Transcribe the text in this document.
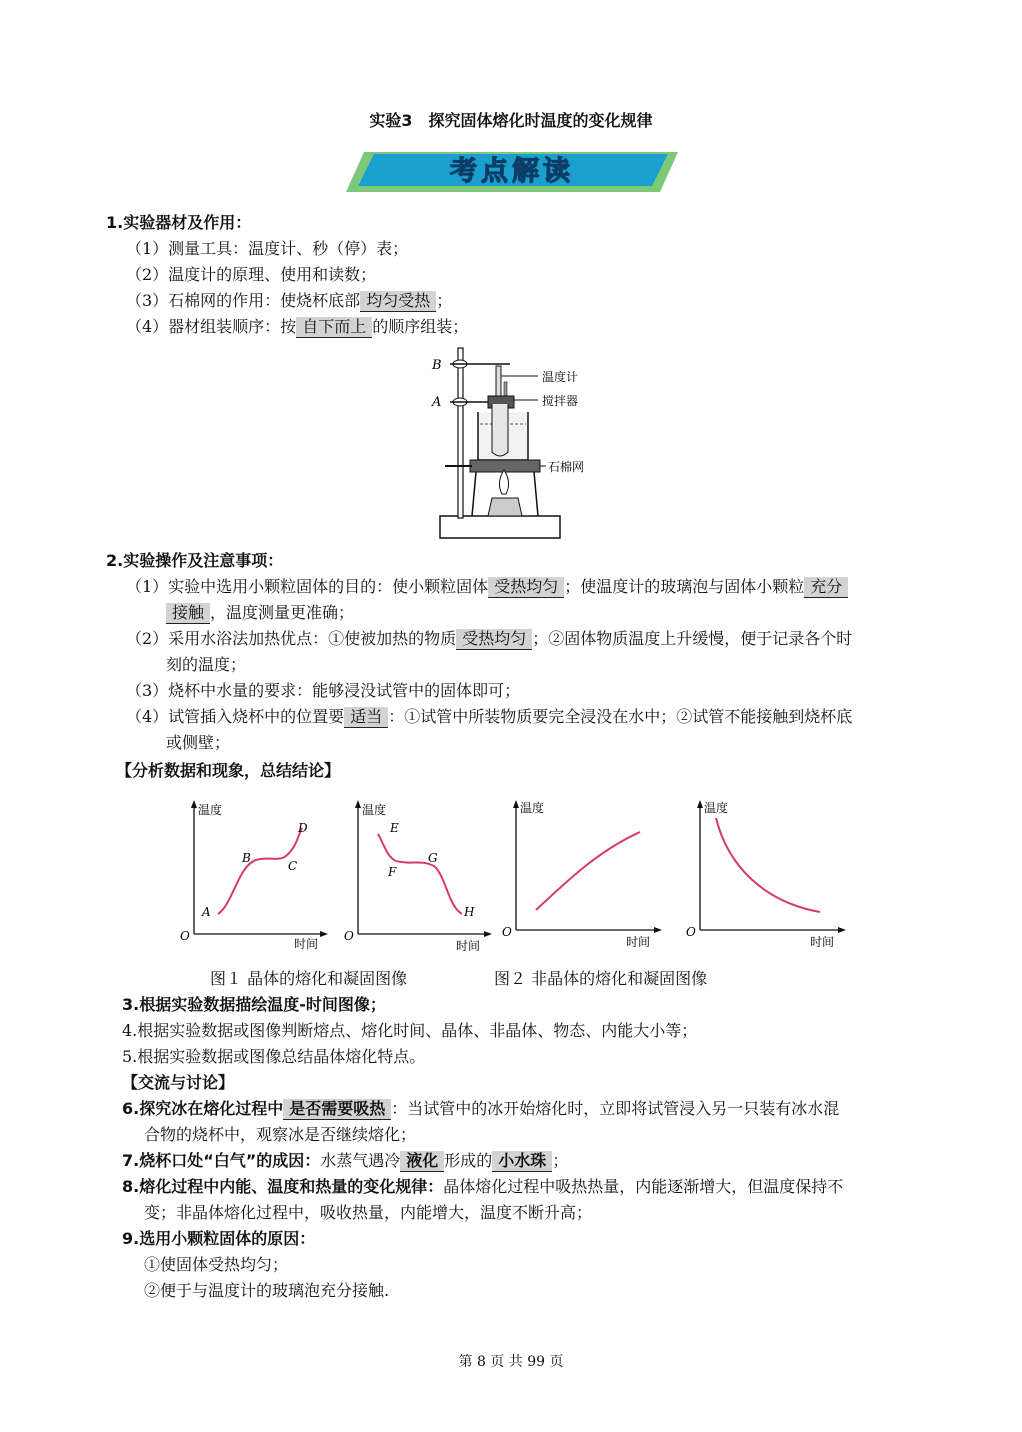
实验3　探究固体熔化时温度的变化规律
考点解读
1.实验器材及作用：
（1）测量工具：温度计、秒（停）表；
（2）温度计的原理、使用和读数；
（3）石棉网的作用：使烧杯底部 均匀受热 ；
（4）器材组装顺序：按 自下而上 的顺序组装；
B
A
温度计
搅拌器
石棉网
2.实验操作及注意事项：
（1）实验中选用小颗粒固体的目的：使小颗粒固体 受热均匀 ；使温度计的玻璃泡与固体小颗粒 充分
接触 ，温度测量更准确；
（2）采用水浴法加热优点：①使被加热的物质 受热均匀 ；②固体物质温度上升缓慢，便于记录各个时
刻的温度；
（3）烧杯中水量的要求：能够浸没试管中的固体即可；
（4）试管插入烧杯中的位置要 适当 ：①试管中所装物质要完全浸没在水中；②试管不能接触到烧杯底
或侧壁；
【分析数据和现象，总结结论】
温度
时间
O
A
B
C
D
温度
时间
O
E
F
G
H
温度
时间
O
温度
时间
O
图１ 晶体的熔化和凝固图像	图２ 非晶体的熔化和凝固图像
3.根据实验数据描绘温度-时间图像；
4.根据实验数据或图像判断熔点、熔化时间、晶体、非晶体、物态、内能大小等；
5.根据实验数据或图像总结晶体熔化特点。
【交流与讨论】
6.探究冰在熔化过程中 是否需要吸热 ：当试管中的冰开始熔化时，立即将试管浸入另一只装有冰水混
合物的烧杯中，观察冰是否继续熔化；
7.烧杯口处“白气”的成因：水蒸气遇冷 液化 形成的 小水珠 ；
8.熔化过程中内能、温度和热量的变化规律：晶体熔化过程中吸热热量，内能逐渐增大，但温度保持不
变；非晶体熔化过程中，吸收热量，内能增大，温度不断升高；
9.选用小颗粒固体的原因：
①使固体受热均匀；
②便于与温度计的玻璃泡充分接触.
第 8 页 共 99 页
